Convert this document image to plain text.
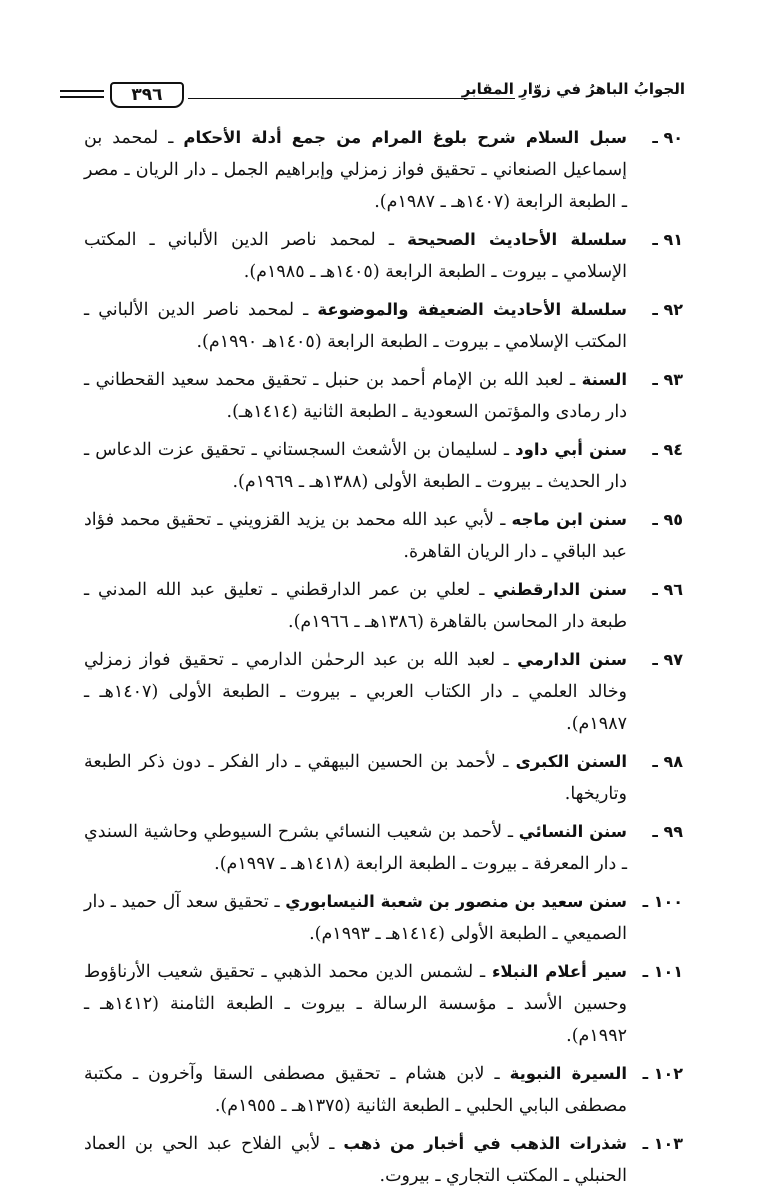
الجوابُ الباهرُ في زوّارِ المقابرِ
٣٩٦
٩٠ ـ
سبل السلام شرح بلوغ المرام من جمع أدلة الأحكام ـ لمحمد بن إسماعيل الصنعاني ـ تحقيق فواز زمزلي وإبراهيم الجمل ـ دار الريان ـ مصر ـ الطبعة الرابعة (١٤٠٧هـ ـ ١٩٨٧م).
٩١ ـ
سلسلة الأحاديث الصحيحة ـ لمحمد ناصر الدين الألباني ـ المكتب الإسلامي ـ بيروت ـ الطبعة الرابعة (١٤٠٥هـ ـ ١٩٨٥م).
٩٢ ـ
سلسلة الأحاديث الضعيفة والموضوعة ـ لمحمد ناصر الدين الألباني ـ المكتب الإسلامي ـ بيروت ـ الطبعة الرابعة (١٤٠٥هـ ١٩٩٠م).
٩٣ ـ
السنة ـ لعبد الله بن الإمام أحمد بن حنبل ـ تحقيق محمد سعيد القحطاني ـ دار رمادى والمؤتمن السعودية ـ الطبعة الثانية (١٤١٤هـ).
٩٤ ـ
سنن أبي داود ـ لسليمان بن الأشعث السجستاني ـ تحقيق عزت الدعاس ـ دار الحديث ـ بيروت ـ الطبعة الأولى (١٣٨٨هـ ـ ١٩٦٩م).
٩٥ ـ
سنن ابن ماجه ـ لأبي عبد الله محمد بن يزيد القزويني ـ تحقيق محمد فؤاد عبد الباقي ـ دار الريان القاهرة.
٩٦ ـ
سنن الدارقطني ـ لعلي بن عمر الدارقطني ـ تعليق عبد الله المدني ـ طبعة دار المحاسن بالقاهرة (١٣٨٦هـ ـ ١٩٦٦م).
٩٧ ـ
سنن الدارمي ـ لعبد الله بن عبد الرحمٰن الدارمي ـ تحقيق فواز زمزلي وخالد العلمي ـ دار الكتاب العربي ـ بيروت ـ الطبعة الأولى (١٤٠٧هـ ـ ١٩٨٧م).
٩٨ ـ
السنن الكبرى ـ لأحمد بن الحسين البيهقي ـ دار الفكر ـ دون ذكر الطبعة وتاريخها.
٩٩ ـ
سنن النسائي ـ لأحمد بن شعيب النسائي بشرح السيوطي وحاشية السندي ـ دار المعرفة ـ بيروت ـ الطبعة الرابعة (١٤١٨هـ ـ ١٩٩٧م).
١٠٠ ـ
سنن سعيد بن منصور بن شعبة النيسابوري ـ تحقيق سعد آل حميد ـ دار الصميعي ـ الطبعة الأولى (١٤١٤هـ ـ ١٩٩٣م).
١٠١ ـ
سير أعلام النبلاء ـ لشمس الدين محمد الذهبي ـ تحقيق شعيب الأرناؤوط وحسين الأسد ـ مؤسسة الرسالة ـ بيروت ـ الطبعة الثامنة (١٤١٢هـ ـ ١٩٩٢م).
١٠٢ ـ
السيرة النبوية ـ لابن هشام ـ تحقيق مصطفى السقا وآخرون ـ مكتبة مصطفى البابي الحلبي ـ الطبعة الثانية (١٣٧٥هـ ـ ١٩٥٥م).
١٠٣ ـ
شذرات الذهب في أخبار من ذهب ـ لأبي الفلاح عبد الحي بن العماد الحنبلي ـ المكتب التجاري ـ بيروت.
